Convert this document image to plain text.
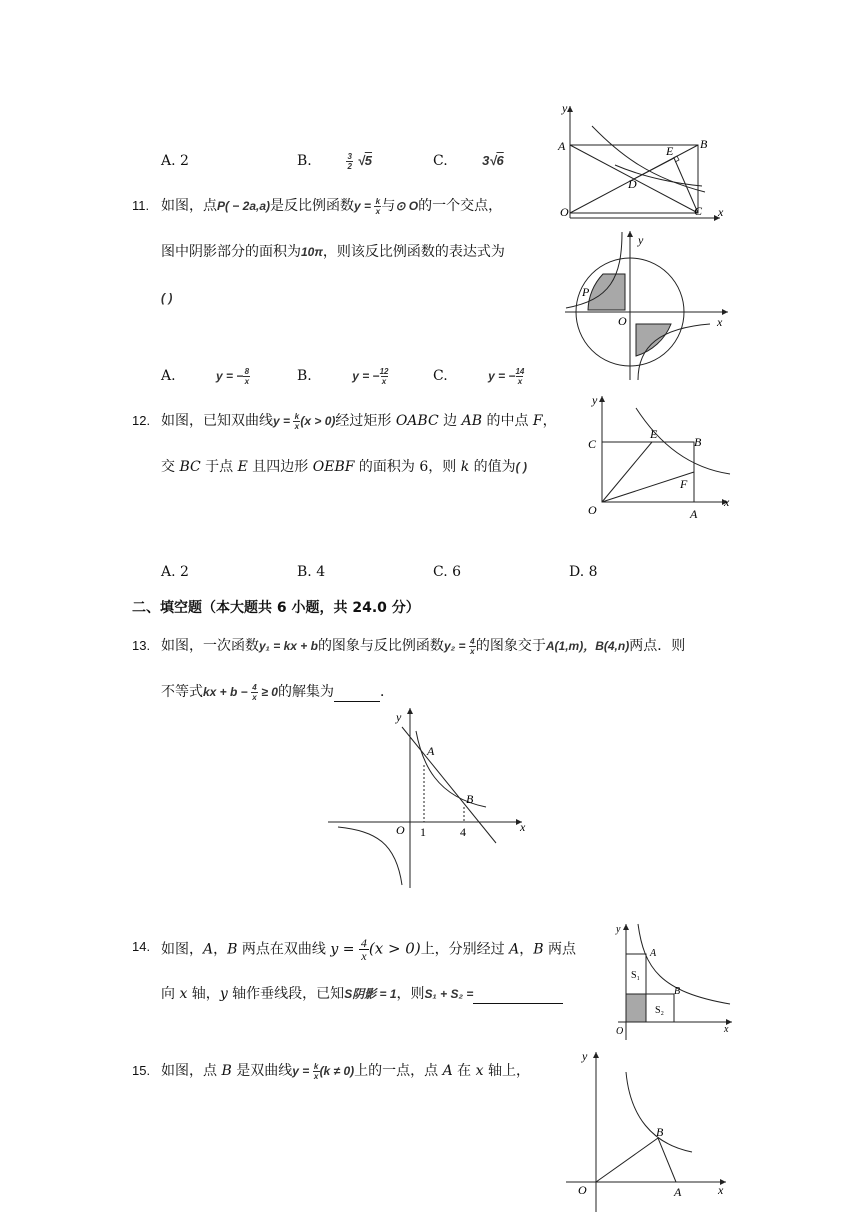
A. 2	B.	$\frac{3}{2} √5$	C.	3√6
y
A	B
E
D
O	C x
11. 如图，点P( − 2a,a)是反比例函数$y = \frac{k}{x}$ 与⊙ O的一个交点，
图中阴影部分的面积为10π，则该反比例函数的表达式为
( )
A.	y = − $\frac{8}{x}$	B.	y = − $\frac{12}{x}$	C.	y = − $\frac{14}{x}$
y
P
O	x
12. 如图，已知双曲线$y = \frac{k}{x} (x > 0)$经过矩形 OABC 边 AB 的中点 F，
交 BC 于点 E 且四边形 OEBF 的面积为 6，则 k 的值为( )
A. 2	B. 4	C. 6	D. 8
y
C
E
B
F
O	A
x
二、填空题（本大题共 6 小题，共 24.0 分）
13. 如图，一次函数y₁ = kx + b的图象与反比例函数$y_2 = \frac{4}{x}$ 的图象交于A(1,m)，B(4,n)两点．则
不等式kx + $b - \frac{4}{x} \ge 0$的解集为	．
y
A
B
O 1	4	x
14. 如图，A，B 两点在双曲线 $y = \frac{4}{x} (x > 0)$上，分别经过 A，B 两点
向 x 轴，y 轴作垂线段，已知S阴影 = 1，则S₁ + S₂ =
y
A
S₁
B
S₂
O	x
15. 如图，点 B 是双曲线$y = \frac{k}{x} (k \ne 0)$上的一点，点 A 在 x 轴上，
y
B
O	A	x
